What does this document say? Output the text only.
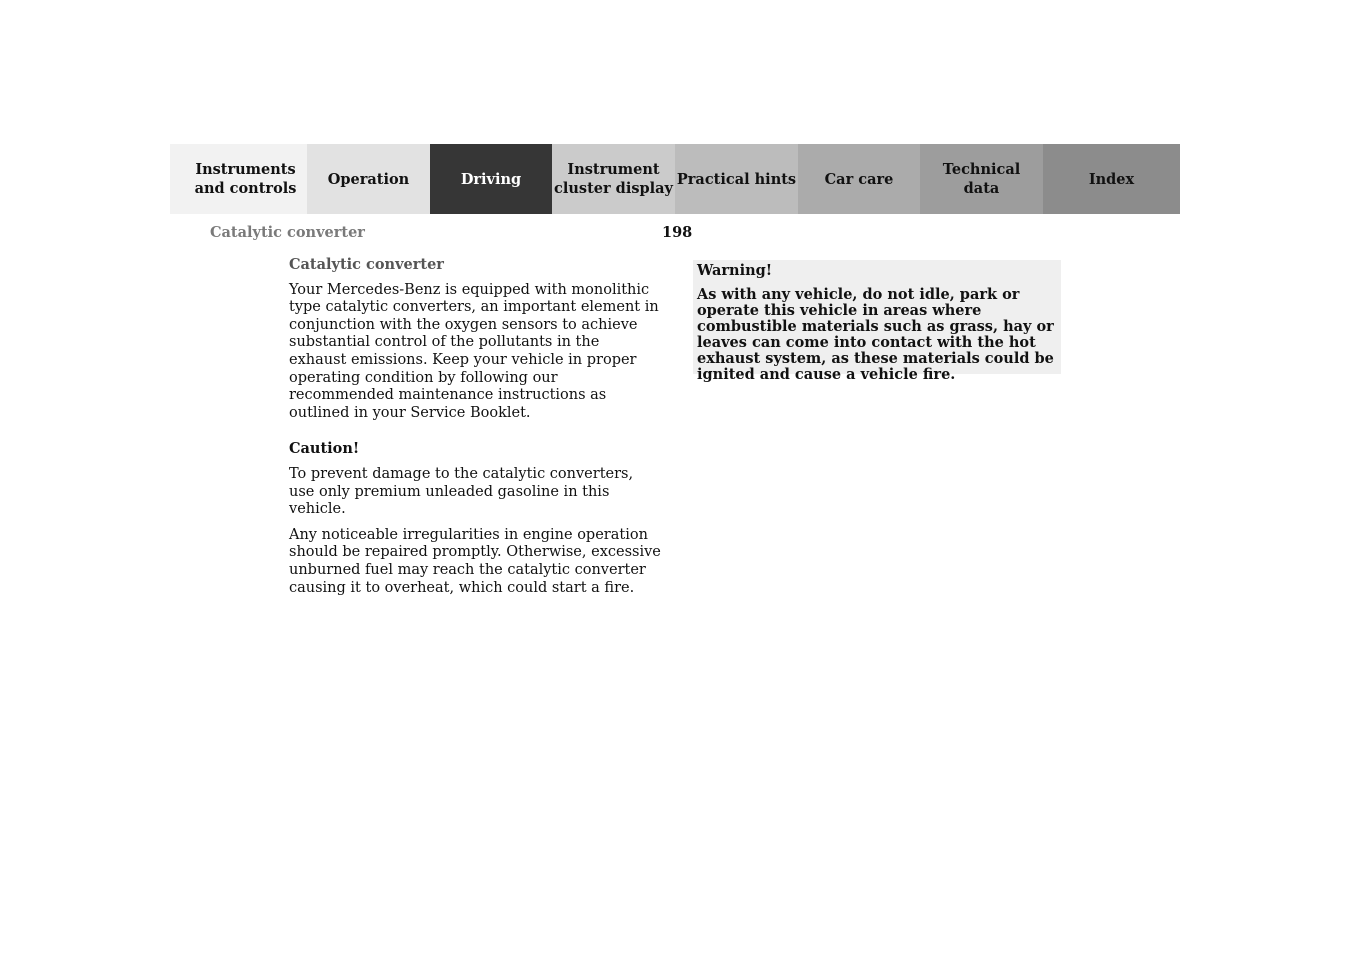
Instruments
and controls
Operation	Driving
Instrument
cluster display
Practical hints Car care
Technical
data
Index
Catalytic converter	198
Catalytic converter

Your Mercedes-Benz is equipped with monolithic type catalytic converters, an important element in conjunction with the oxygen sensors to achieve substantial control of the pollutants in the exhaust emissions. Keep your vehicle in proper operating condition by following our recommended maintenance instructions as outlined in your Service Booklet.

Caution!

To prevent damage to the catalytic converters, use only premium unleaded gasoline in this vehicle.

Any noticeable irregularities in engine operation should be repaired promptly. Otherwise, excessive unburned fuel may reach the catalytic converter causing it to overheat, which could start a fire.

Warning!

As with any vehicle, do not idle, park or operate this vehicle in areas where combustible materials such as grass, hay or leaves can come into contact with the hot exhaust system, as these materials could be ignited and cause a vehicle fire.
